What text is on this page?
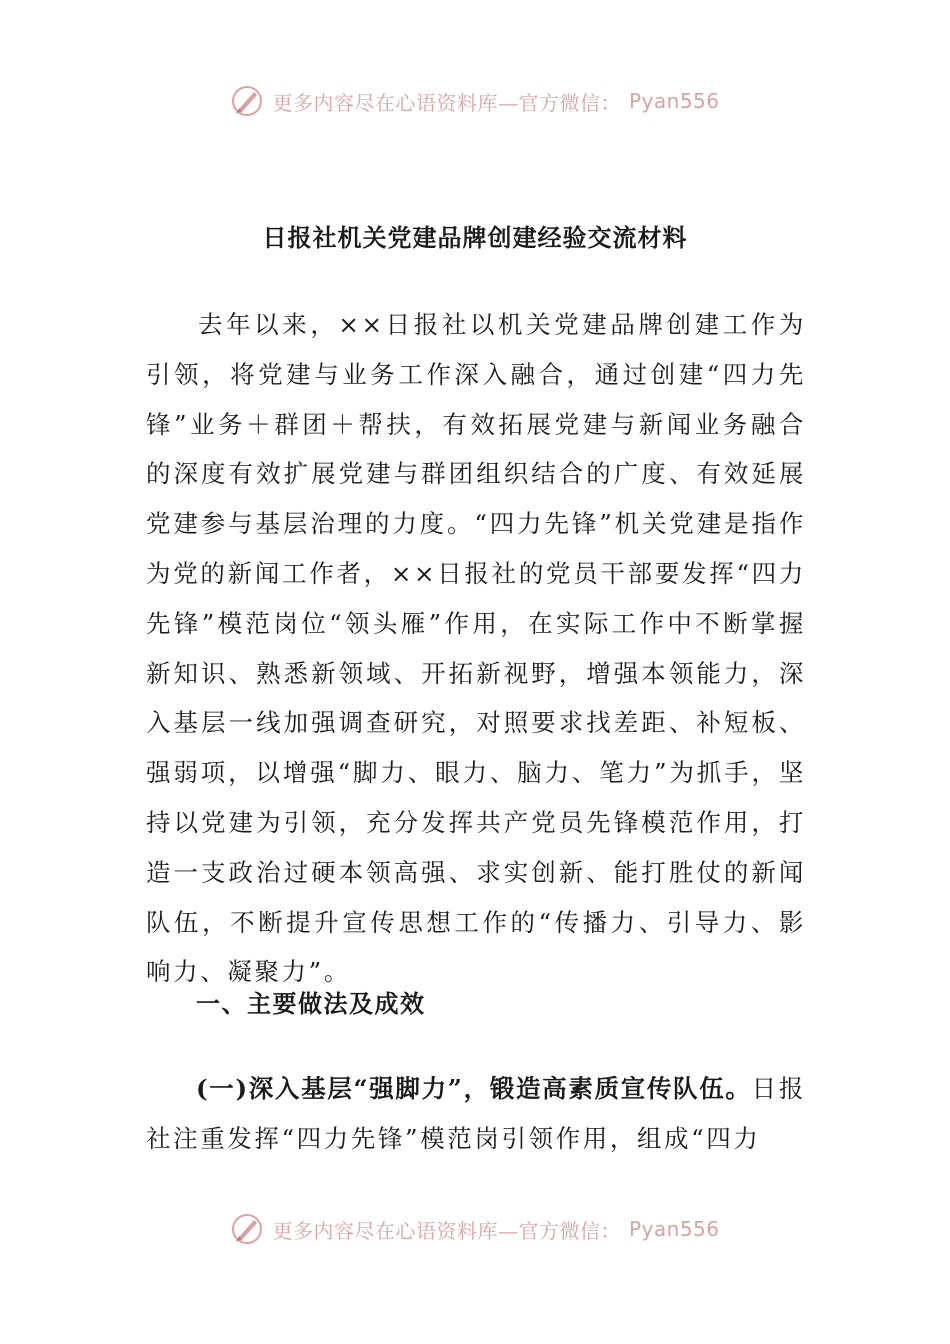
更多内容尽在心语资料库—官方微信： Pyan556
日报社机关党建品牌创建经验交流材料
去年以来，××日报社以机关党建品牌创建工作为引领，将党建与业务工作深入融合，通过创建“四力先锋”业务＋群团＋帮扶，有效拓展党建与新闻业务融合的深度有效扩展党建与群团组织结合的广度、有效延展党建参与基层治理的力度。“四力先锋”机关党建是指作为党的新闻工作者，××日报社的党员干部要发挥“四力先锋”模范岗位“领头雁”作用，在实际工作中不断掌握新知识、熟悉新领域、开拓新视野，增强本领能力，深入基层一线加强调查研究，对照要求找差距、补短板、强弱项，以增强“脚力、眼力、脑力、笔力”为抓手，坚持以党建为引领，充分发挥共产党员先锋模范作用，打造一支政治过硬本领高强、求实创新、能打胜仗的新闻队伍，不断提升宣传思想工作的“传播力、引导力、影响力、凝聚力”。
一、主要做法及成效
(一)深入基层“强脚力”，锻造高素质宣传队伍。日报社注重发挥“四力先锋”模范岗引领作用，组成“四力
更多内容尽在心语资料库—官方微信： Pyan556
